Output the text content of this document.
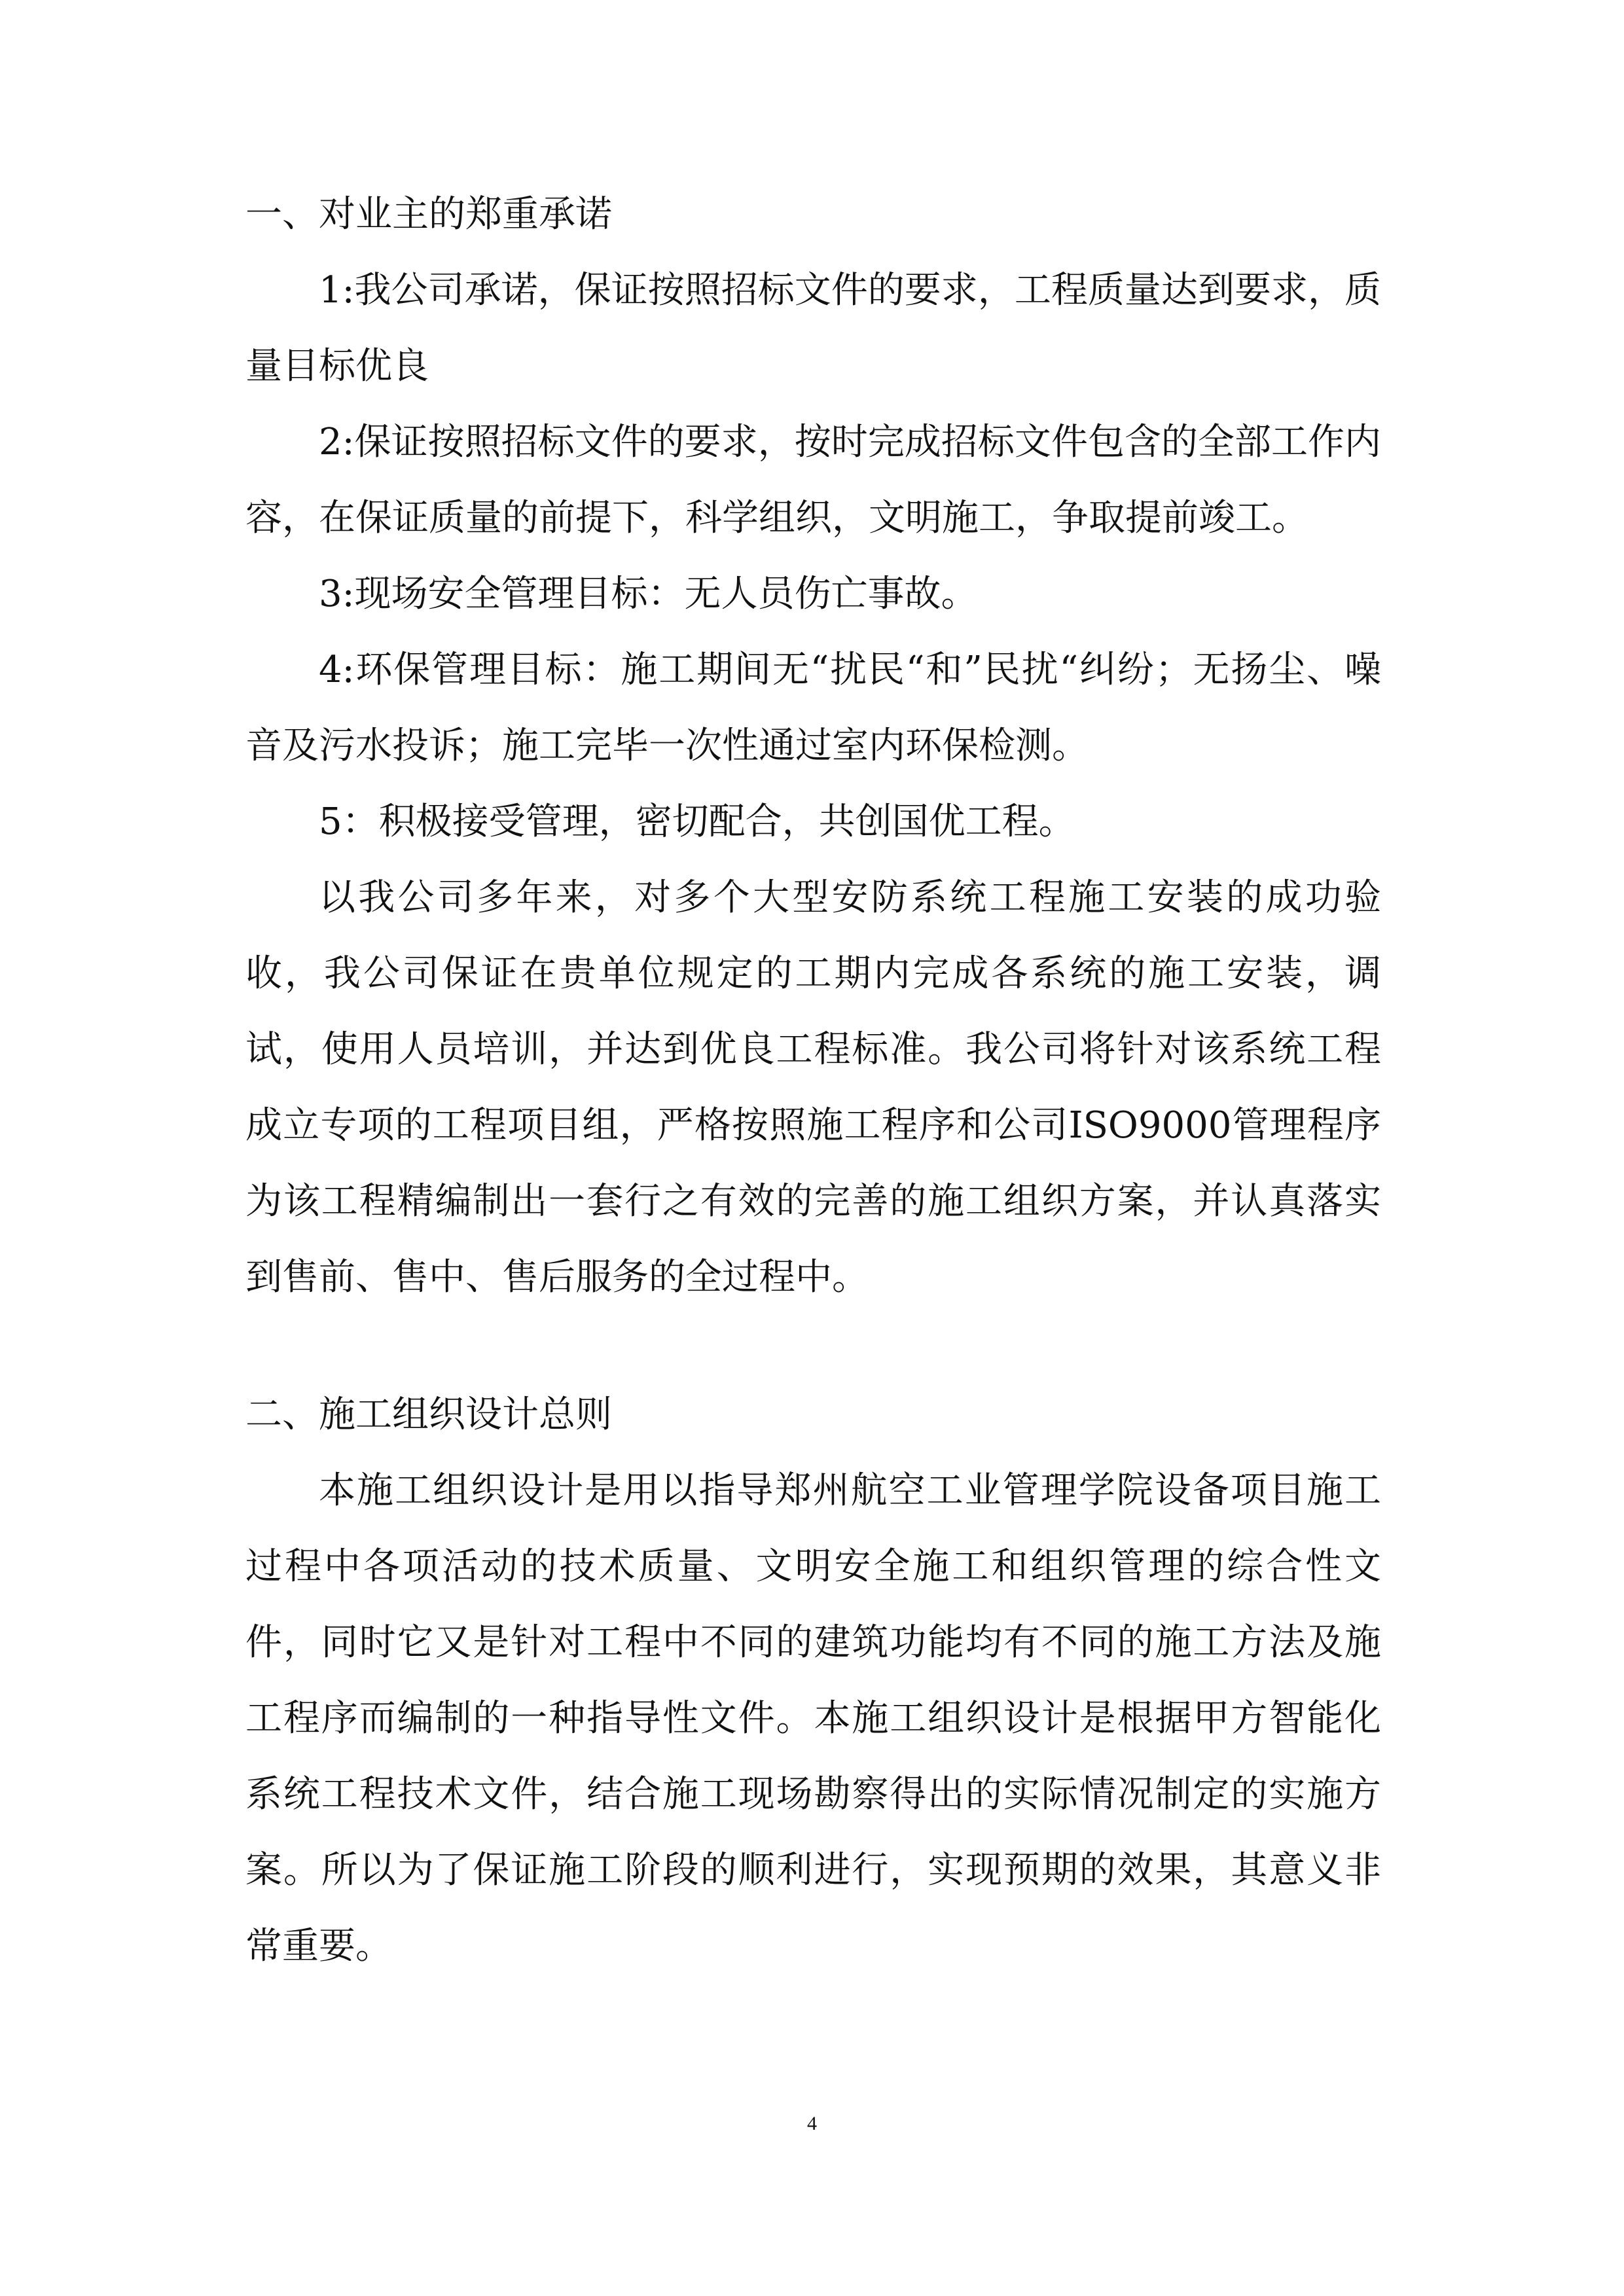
一、对业主的郑重承诺

1:我公司承诺，保证按照招标文件的要求，工程质量达到要求，质量目标优良

2:保证按照招标文件的要求，按时完成招标文件包含的全部工作内容，在保证质量的前提下，科学组织，文明施工，争取提前竣工。

3:现场安全管理目标：无人员伤亡事故。

4:环保管理目标：施工期间无“扰民“和”民扰“纠纷；无扬尘、噪音及污水投诉；施工完毕一次性通过室内环保检测。

5：积极接受管理，密切配合，共创国优工程。

以我公司多年来，对多个大型安防系统工程施工安装的成功验收，我公司保证在贵单位规定的工期内完成各系统的施工安装，调试，使用人员培训，并达到优良工程标准。我公司将针对该系统工程成立专项的工程项目组，严格按照施工程序和公司ISO9000管理程序为该工程精编制出一套行之有效的完善的施工组织方案，并认真落实到售前、售中、售后服务的全过程中。

二、施工组织设计总则

本施工组织设计是用以指导郑州航空工业管理学院设备项目施工过程中各项活动的技术质量、文明安全施工和组织管理的综合性文件，同时它又是针对工程中不同的建筑功能均有不同的施工方法及施工程序而编制的一种指导性文件。本施工组织设计是根据甲方智能化系统工程技术文件，结合施工现场勘察得出的实际情况制定的实施方案。所以为了保证施工阶段的顺利进行，实现预期的效果，其意义非常重要。

4
